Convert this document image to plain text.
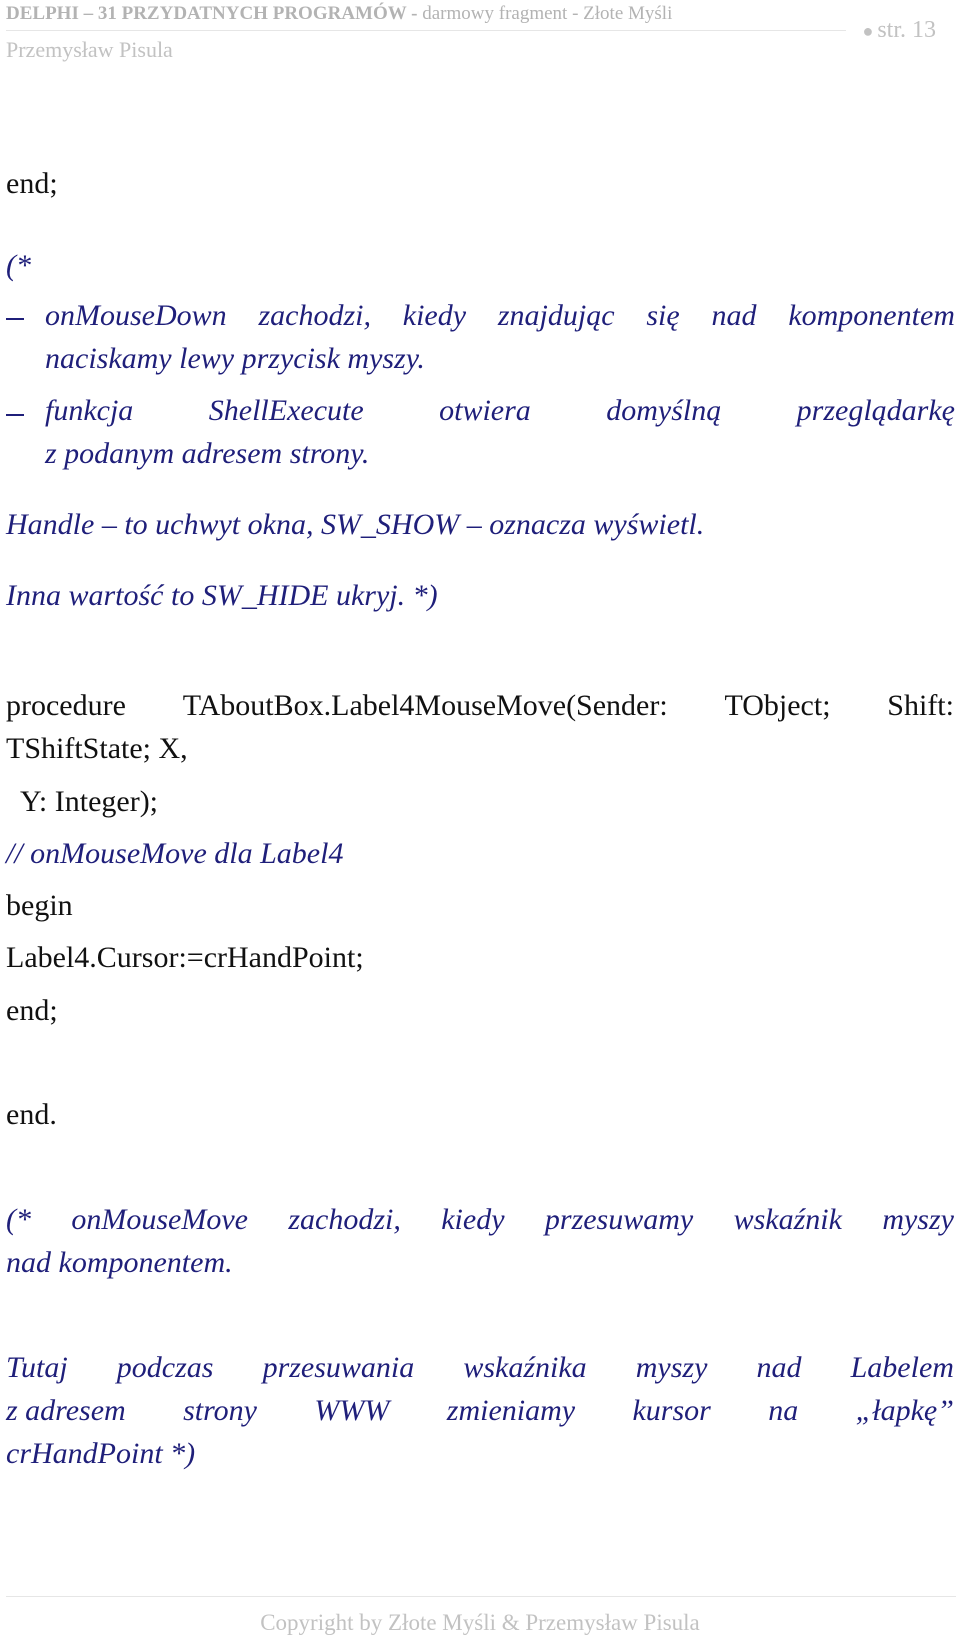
DELPHI – 31 PRZYDATNYCH PROGRAMÓW - darmowy fragment - Złote Myśli
Przemysław Pisula
● str. 13
end;
(*
onMouseDown zachodzi, kiedy znajdując się nad komponentem
naciskamy lewy przycisk myszy.
funkcja	ShellExecute	otwiera	domyślną	przeglądarkę
z podanym adresem strony.
Handle – to uchwyt okna, SW_SHOW – oznacza wyświetl.
Inna wartość to SW_HIDE ukryj. *)
procedure TAboutBox.Label4MouseMove(Sender: TObject; Shift:
TShiftState; X,
Y: Integer);
// onMouseMove dla Label4
begin
Label4.Cursor:=crHandPoint;
end;
end.
(* onMouseMove zachodzi, kiedy przesuwamy wskaźnik myszy
nad komponentem.
Tutaj podczas przesuwania wskaźnika myszy nad Labelem
z adresem strony WWW zmieniamy kursor na „łapkę”
crHandPoint *)
Copyright by Złote Myśli & Przemysław Pisula
